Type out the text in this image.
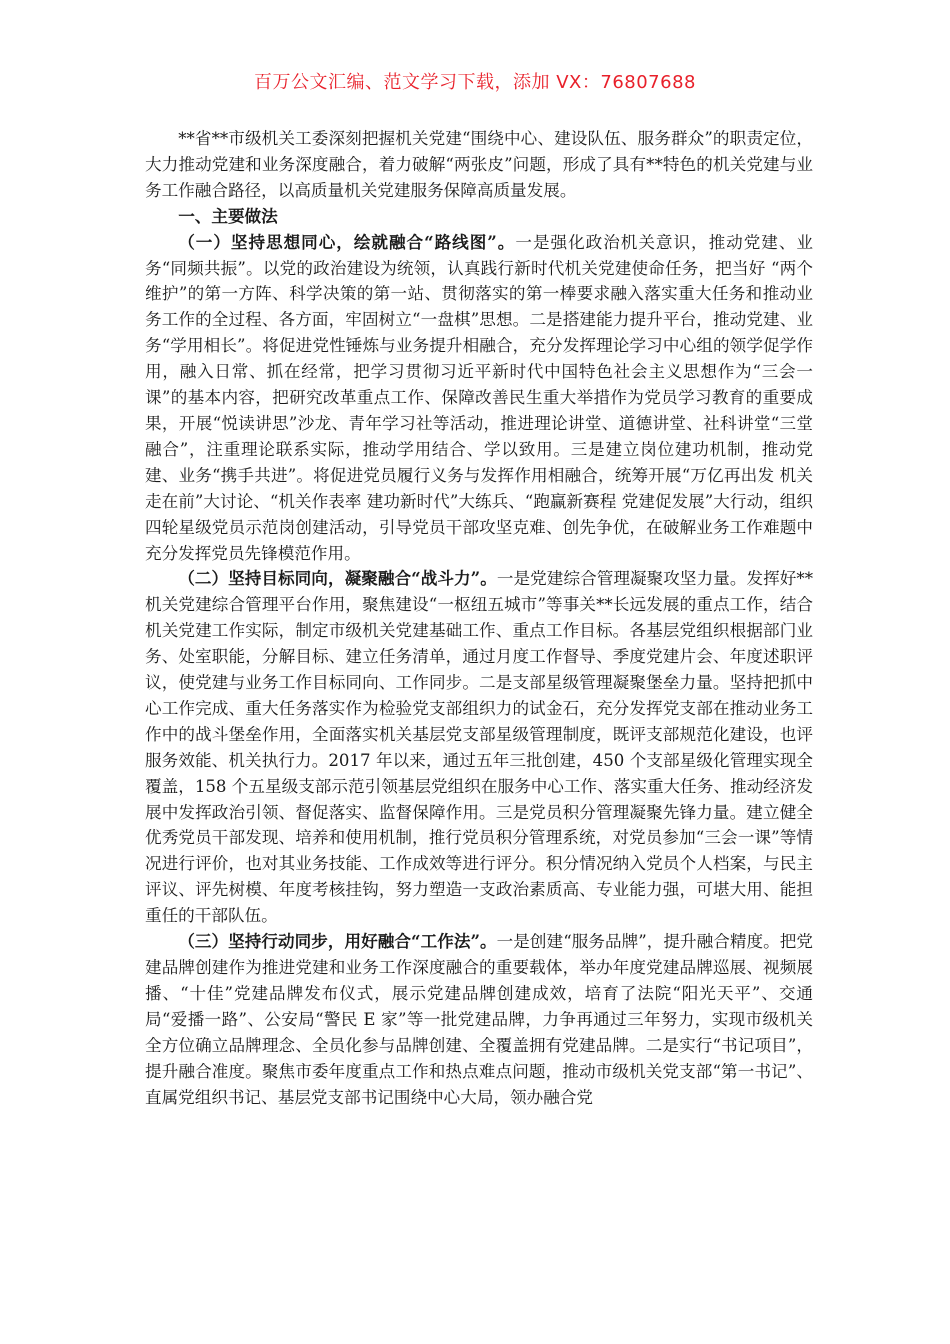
百万公文汇编、范文学习下载，添加 VX：76807688

**省**市级机关工委深刻把握机关党建“围绕中心、建设队伍、服务群众”的职责定位，大力推动党建和业务深度融合，着力破解“两张皮”问题，形成了具有**特色的机关党建与业务工作融合路径，以高质量机关党建服务保障高质量发展。

一、主要做法

（一）坚持思想同心，绘就融合“路线图”。一是强化政治机关意识，推动党建、业务“同频共振”。以党的政治建设为统领，认真践行新时代机关党建使命任务，把当好 “两个维护”的第一方阵、科学决策的第一站、贯彻落实的第一棒要求融入落实重大任务和推动业务工作的全过程、各方面，牢固树立“一盘棋”思想。二是搭建能力提升平台，推动党建、业务“学用相长”。将促进党性锤炼与业务提升相融合，充分发挥理论学习中心组的领学促学作用，融入日常、抓在经常，把学习贯彻习近平新时代中国特色社会主义思想作为“三会一课”的基本内容，把研究改革重点工作、保障改善民生重大举措作为党员学习教育的重要成果，开展“悦读讲思”沙龙、青年学习社等活动，推进理论讲堂、道德讲堂、社科讲堂“三堂融合”，注重理论联系实际，推动学用结合、学以致用。三是建立岗位建功机制，推动党建、业务“携手共进”。将促进党员履行义务与发挥作用相融合，统筹开展“万亿再出发 机关走在前”大讨论、“机关作表率 建功新时代”大练兵、“跑赢新赛程 党建促发展”大行动，组织四轮星级党员示范岗创建活动，引导党员干部攻坚克难、创先争优，在破解业务工作难题中充分发挥党员先锋模范作用。

（二）坚持目标同向，凝聚融合“战斗力”。一是党建综合管理凝聚攻坚力量。发挥好**机关党建综合管理平台作用，聚焦建设“一枢纽五城市”等事关**长远发展的重点工作，结合机关党建工作实际，制定市级机关党建基础工作、重点工作目标。各基层党组织根据部门业务、处室职能，分解目标、建立任务清单，通过月度工作督导、季度党建片会、年度述职评议，使党建与业务工作目标同向、工作同步。二是支部星级管理凝聚堡垒力量。坚持把抓中心工作完成、重大任务落实作为检验党支部组织力的试金石，充分发挥党支部在推动业务工作中的战斗堡垒作用，全面落实机关基层党支部星级管理制度，既评支部规范化建设，也评服务效能、机关执行力。2017 年以来，通过五年三批创建，450 个支部星级化管理实现全覆盖，158 个五星级支部示范引领基层党组织在服务中心工作、落实重大任务、推动经济发展中发挥政治引领、督促落实、监督保障作用。三是党员积分管理凝聚先锋力量。建立健全优秀党员干部发现、培养和使用机制，推行党员积分管理系统，对党员参加“三会一课”等情况进行评价，也对其业务技能、工作成效等进行评分。积分情况纳入党员个人档案，与民主评议、评先树模、年度考核挂钩，努力塑造一支政治素质高、专业能力强，可堪大用、能担重任的干部队伍。

（三）坚持行动同步，用好融合“工作法”。一是创建“服务品牌”，提升融合精度。把党建品牌创建作为推进党建和业务工作深度融合的重要载体，举办年度党建品牌巡展、视频展播、“十佳”党建品牌发布仪式，展示党建品牌创建成效，培育了法院“阳光天平”、交通局“爱播一路”、公安局“警民 E 家”等一批党建品牌，力争再通过三年努力，实现市级机关全方位确立品牌理念、全员化参与品牌创建、全覆盖拥有党建品牌。二是实行“书记项目”，提升融合准度。聚焦市委年度重点工作和热点难点问题，推动市级机关党支部“第一书记”、直属党组织书记、基层党支部书记围绕中心大局，领办融合党
